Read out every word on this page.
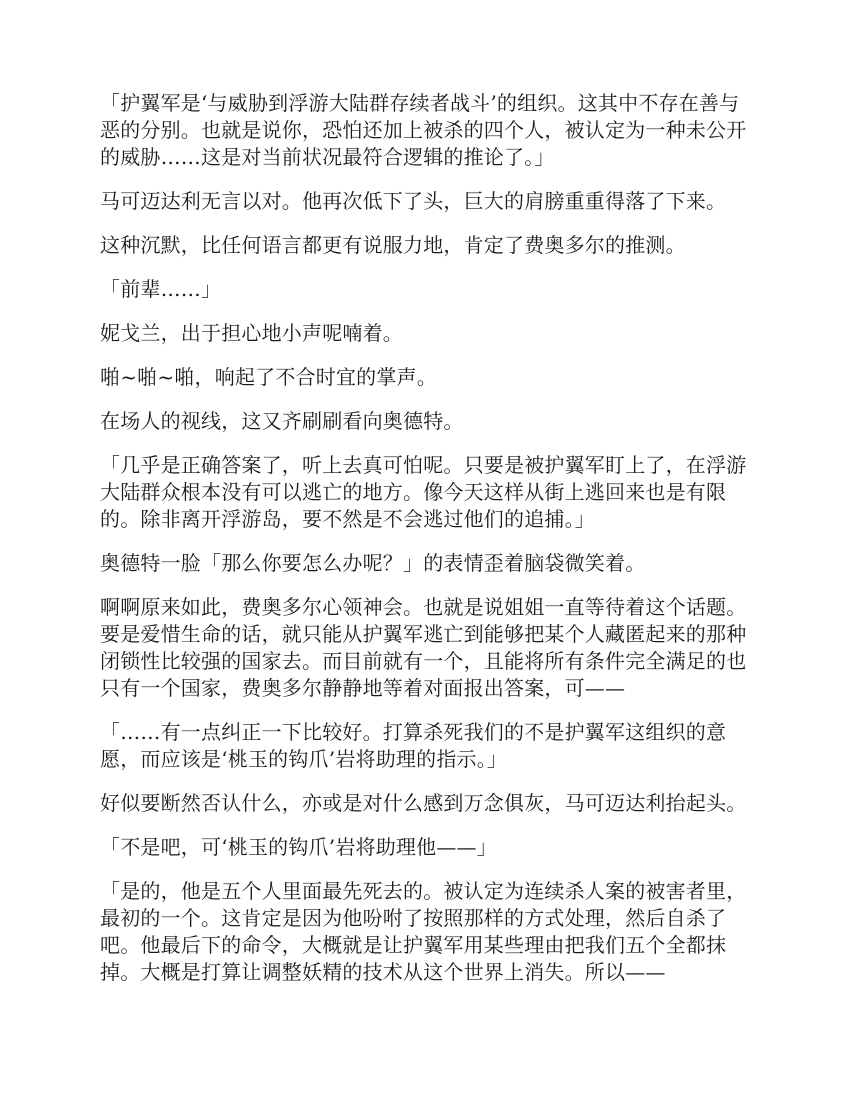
「护翼军是‘与威胁到浮游大陆群存续者战斗’的组织。这其中不存在善与恶的分别。也就是说你，恐怕还加上被杀的四个人，被认定为一种未公开的威胁……这是对当前状况最符合逻辑的推论了。」

马可迈达利无言以对。他再次低下了头，巨大的肩膀重重得落了下来。

这种沉默，比任何语言都更有说服力地，肯定了费奥多尔的推测。

「前辈……」

妮戈兰，出于担心地小声呢喃着。

啪~啪~啪，响起了不合时宜的掌声。

在场人的视线，这又齐刷刷看向奥德特。

「几乎是正确答案了，听上去真可怕呢。只要是被护翼军盯上了，在浮游大陆群众根本没有可以逃亡的地方。像今天这样从街上逃回来也是有限的。除非离开浮游岛，要不然是不会逃过他们的追捕。」

奥德特一脸「那么你要怎么办呢？」的表情歪着脑袋微笑着。

啊啊原来如此，费奥多尔心领神会。也就是说姐姐一直等待着这个话题。要是爱惜生命的话，就只能从护翼军逃亡到能够把某个人藏匿起来的那种闭锁性比较强的国家去。而目前就有一个，且能将所有条件完全满足的也只有一个国家，费奥多尔静静地等着对面报出答案，可——

「……有一点纠正一下比较好。打算杀死我们的不是护翼军这组织的意愿，而应该是‘桃玉的钩爪’岩将助理的指示。」

好似要断然否认什么，亦或是对什么感到万念俱灰，马可迈达利抬起头。

「不是吧，可‘桃玉的钩爪’岩将助理他——」

「是的，他是五个人里面最先死去的。被认定为连续杀人案的被害者里，最初的一个。这肯定是因为他吩咐了按照那样的方式处理，然后自杀了吧。他最后下的命令，大概就是让护翼军用某些理由把我们五个全都抹掉。大概是打算让调整妖精的技术从这个世界上消失。所以——
